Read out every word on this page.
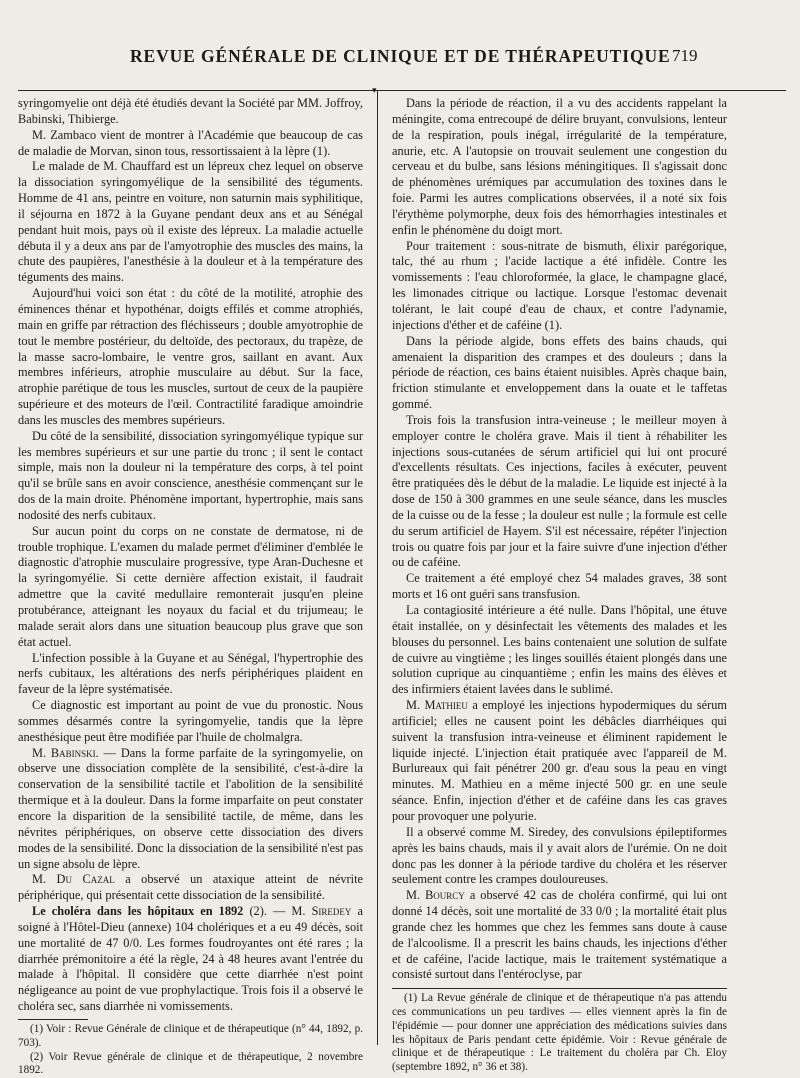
REVUE GÉNÉRALE DE CLINIQUE ET DE THÉRAPEUTIQUE 719
▾

syringomyelie ont déjà été étudiés devant la Société par MM. Joffroy, Babinski, Thibierge.

M. Zambaco vient de montrer à l'Académie que beaucoup de cas de maladie de Morvan, sinon tous, ressortissaient à la lèpre (1).

Le malade de M. Chauffard est un lépreux chez lequel on observe la dissociation syringomyélique de la sensibilité des téguments. Homme de 41 ans, peintre en voiture, non saturnin mais syphilitique, il séjourna en 1872 à la Guyane pendant deux ans et au Sénégal pendant huit mois, pays où il existe des lépreux. La maladie actuelle débuta il y a deux ans par de l'amyotrophie des muscles des mains, la chute des paupières, l'anesthésie à la douleur et à la température des téguments des mains.

Aujourd'hui voici son état : du côté de la motilité, atrophie des éminences thénar et hypothénar, doigts effilés et comme atrophiés, main en griffe par rétraction des fléchisseurs ; double amyotrophie de tout le membre postérieur, du deltoïde, des pectoraux, du trapèze, de la masse sacro-lombaire, le ventre gros, saillant en avant. Aux membres inférieurs, atrophie musculaire au début. Sur la face, atrophie parétique de tous les muscles, surtout de ceux de la paupière supérieure et des moteurs de l'œil. Contractilité faradique amoindrie dans les muscles des membres supérieurs.

Du côté de la sensibilité, dissociation syringomyélique typique sur les membres supérieurs et sur une partie du tronc ; il sent le contact simple, mais non la douleur ni la température des corps, à tel point qu'il se brûle sans en avoir conscience, anesthésie commençant sur le dos de la main droite. Phénomène important, hypertrophie, mais sans nodosité des nerfs cubitaux.

Sur aucun point du corps on ne constate de dermatose, ni de trouble trophique. L'examen du malade permet d'éliminer d'emblée le diagnostic d'atrophie musculaire progressive, type Aran-Duchesne et la syringomyélie. Si cette dernière affection existait, il faudrait admettre que la cavité medullaire remonterait jusqu'en pleine protubérance, atteignant les noyaux du facial et du trijumeau; le malade serait alors dans une situation beaucoup plus grave que son état actuel.

L'infection possible à la Guyane et au Sénégal, l'hypertrophie des nerfs cubitaux, les altérations des nerfs périphériques plaident en faveur de la lèpre systématisée.

Ce diagnostic est important au point de vue du pronostic. Nous sommes désarmés contre la syringomyelie, tandis que la lèpre anesthésique peut être modifiée par l'huile de cholmalgra.

M. Babinski. — Dans la forme parfaite de la syringomyelie, on observe une dissociation complète de la sensibilité, c'est-à-dire la conservation de la sensibilité tactile et l'abolition de la sensibilité thermique et à la douleur. Dans la forme imparfaite on peut constater encore la disparition de la sensibilité tactile, de même, dans les névrites périphériques, on observe cette dissociation des divers modes de la sensibilité. Donc la dissociation de la sensibilité n'est pas un signe absolu de lèpre.

M. Du Cazal a observé un ataxique atteint de névrite périphérique, qui présentait cette dissociation de la sensibilité.

Le choléra dans les hôpitaux en 1892 (2). — M. Siredey a soigné à l'Hôtel-Dieu (annexe) 104 cholériques et a eu 49 décès, soit une mortalité de 47 0/0. Les formes foudroyantes ont été rares ; la diarrhée prémonitoire a été la règle, 24 à 48 heures avant l'entrée du malade à l'hôpital. Il considère que cette diarrhée n'est point négligeance au point de vue prophylactique. Trois fois il a observé le choléra sec, sans diarrhée ni vomissements.

(1) Voir : Revue Générale de clinique et de thérapeutique (n° 44, 1892, p. 703).

(2) Voir Revue générale de clinique et de thérapeutique, 2 novembre 1892.

Dans la période de réaction, il a vu des accidents rappelant la méningite, coma entrecoupé de délire bruyant, convulsions, lenteur de la respiration, pouls inégal, irrégularité de la température, anurie, etc. A l'autopsie on trouvait seulement une congestion du cerveau et du bulbe, sans lésions méningitiques. Il s'agissait donc de phénomènes urémiques par accumulation des toxines dans le foie. Parmi les autres complications observées, il a noté six fois l'érythème polymorphe, deux fois des hémorrhagies intestinales et enfin le phénomène du doigt mort.

Pour traitement : sous-nitrate de bismuth, élixir parégorique, talc, thé au rhum ; l'acide lactique a été infidèle. Contre les vomissements : l'eau chloroformée, la glace, le champagne glacé, les limonades citrique ou lactique. Lorsque l'estomac devenait tolérant, le lait coupé d'eau de chaux, et contre l'adynamie, injections d'éther et de caféine (1).

Dans la période algide, bons effets des bains chauds, qui amenaient la disparition des crampes et des douleurs ; dans la période de réaction, ces bains étaient nuisibles. Après chaque bain, friction stimulante et enveloppement dans la ouate et le taffetas gommé.

Trois fois la transfusion intra-veineuse ; le meilleur moyen à employer contre le choléra grave. Mais il tient à réhabiliter les injections sous-cutanées de sérum artificiel qui lui ont procuré d'excellents résultats. Ces injections, faciles à exécuter, peuvent être pratiquées dès le début de la maladie. Le liquide est injecté à la dose de 150 à 300 grammes en une seule séance, dans les muscles de la cuisse ou de la fesse ; la douleur est nulle ; la formule est celle du serum artificiel de Hayem. S'il est nécessaire, répéter l'injection trois ou quatre fois par jour et la faire suivre d'une injection d'éther ou de caféine.

Ce traitement a été employé chez 54 malades graves, 38 sont morts et 16 ont guéri sans transfusion.

La contagiosité intérieure a été nulle. Dans l'hôpital, une étuve était installée, on y désinfectait les vêtements des malades et les blouses du personnel. Les bains contenaient une solution de sulfate de cuivre au vingtième ; les linges souillés étaient plongés dans une solution cuprique au cinquantième ; enfin les mains des élèves et des infirmiers étaient lavées dans le sublimé.

M. Mathieu a employé les injections hypodermiques du sérum artificiel; elles ne causent point les débâcles diarrhéiques qui suivent la transfusion intra-veineuse et éliminent rapidement le liquide injecté. L'injection était pratiquée avec l'appareil de M. Burlureaux qui fait pénétrer 200 gr. d'eau sous la peau en vingt minutes. M. Mathieu en a même injecté 500 gr. en une seule séance. Enfin, injection d'éther et de caféine dans les cas graves pour provoquer une polyurie.

Il a observé comme M. Siredey, des convulsions épileptiformes après les bains chauds, mais il y avait alors de l'urémie. On ne doit donc pas les donner à la période tardive du choléra et les réserver seulement contre les crampes douloureuses.

M. Bourcy a observé 42 cas de choléra confirmé, qui lui ont donné 14 décès, soit une mortalité de 33 0/0 ; la mortalité était plus grande chez les hommes que chez les femmes sans doute à cause de l'alcoolisme. Il a prescrit les bains chauds, les injections d'éther et de caféine, l'acide lactique, mais le traitement systématique a consisté surtout dans l'entéroclyse, par

(1) La Revue générale de clinique et de thérapeutique n'a pas attendu ces communications un peu tardives — elles viennent après la fin de l'épidémie — pour donner une appréciation des médications suivies dans les hôpitaux de Paris pendant cette épidémie. Voir : Revue générale de clinique et de thérapeutique : Le traitement du choléra par Ch. Eloy (septembre 1892, n° 36 et 38).
